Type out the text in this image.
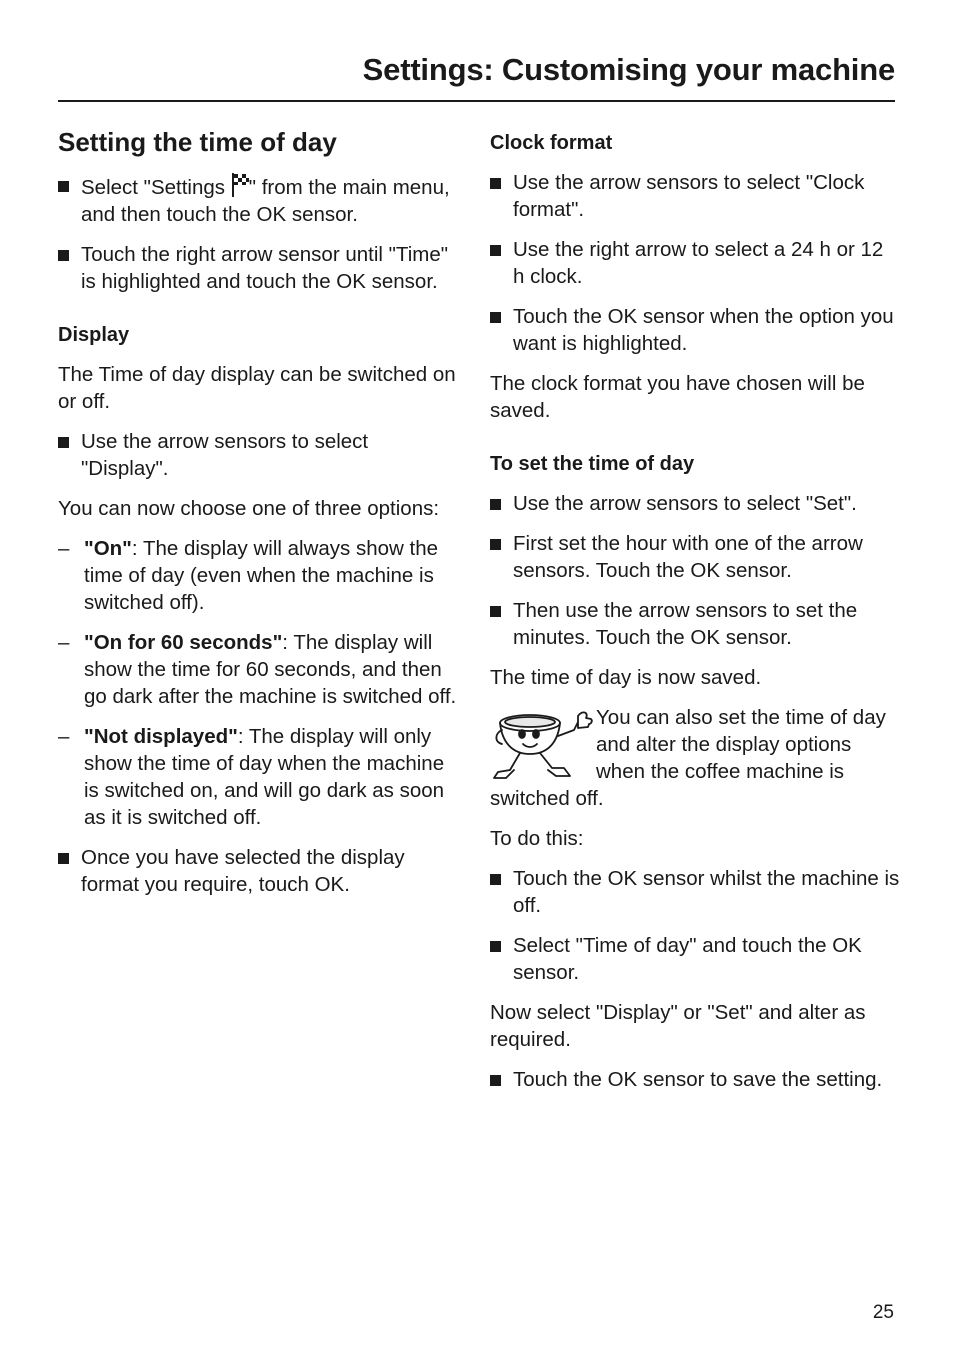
Settings: Customising your machine
Setting the time of day
Select "Settings " from the main menu, and then touch the OK sensor.
Touch the right arrow sensor until "Time" is highlighted and touch the OK sensor.
Display

The Time of day display can be switched on or off.

Use the arrow sensors to select "Display".

You can now choose one of three options:

– "On": The display will always show the time of day (even when the machine is switched off).
– "On for 60 seconds": The display will show the time for 60 seconds, and then go dark after the machine is switched off.
– "Not displayed": The display will only show the time of day when the machine is switched on, and will go dark as soon as it is switched off.
Once you have selected the display format you require, touch OK.
Clock format
Use the arrow sensors to select "Clock format".
Use the right arrow to select a 24 h or 12 h clock.
Touch the OK sensor when the option you want is highlighted.

The clock format you have chosen will be saved.

To set the time of day
Use the arrow sensors to select "Set".
First set the hour with one of the arrow sensors. Touch the OK sensor.
Then use the arrow sensors to set the minutes. Touch the OK sensor.

The time of day is now saved.

You can also set the time of day and alter the display options when the coffee machine is switched off.

To do this:

Touch the OK sensor whilst the machine is off.
Select "Time of day" and touch the OK sensor.

Now select "Display" or "Set" and alter as required.

Touch the OK sensor to save the setting.
25
